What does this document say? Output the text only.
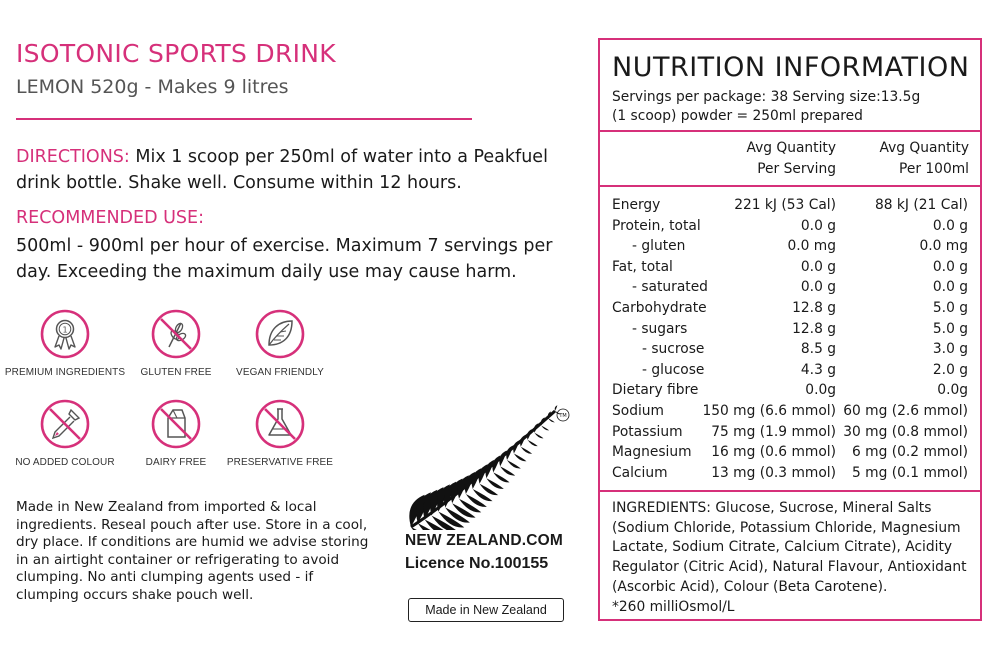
ISOTONIC SPORTS DRINK
LEMON 520g - Makes 9 litres
DIRECTIONS: Mix 1 scoop per 250ml of water into a Peakfuel drink bottle. Shake well. Consume within 12 hours.
RECOMMENDED USE:
500ml - 900ml per hour of exercise. Maximum 7 servings per day. Exceeding the maximum daily use may cause harm.
1
PREMIUM INGREDIENTS	GLUTEN FREE	VEGAN FRIENDLY
NO ADDED COLOUR	DAIRY FREE	PRESERVATIVE FREE
Made in New Zealand from imported & local ingredients. Reseal pouch after use. Store in a cool, dry place. If conditions are humid we advise storing in an airtight container or refrigerating to avoid clumping. No anti clumping agents used - if clumping occurs shake pouch well.
TM
NEW ZEALAND.COM
Licence No.100155
Made in New Zealand
NUTRITION INFORMATION
Servings per package: 38 Serving size:13.5g
(1 scoop) powder = 250ml prepared
Avg Quantity
Per Serving
Avg Quantity
Per 100ml
Energy	221 kJ (53 Cal)	88 kJ (21 Cal)
Protein, total	0.0 g	0.0 g
- gluten	0.0 mg	0.0 mg
Fat, total	0.0 g	0.0 g
- saturated	0.0 g	0.0 g
Carbohydrate	12.8 g	5.0 g
- sugars	12.8 g	5.0 g
- sucrose	8.5 g	3.0 g
- glucose	4.3 g	2.0 g
Dietary fibre	0.0g	0.0g
Sodium	150 mg (6.6 mmol) 60 mg (2.6 mmol)
Potassium 75 mg (1.9 mmol) 30 mg (0.8 mmol)
Magnesium 16 mg (0.6 mmol) 6 mg (0.2 mmol)
Calcium	13 mg (0.3 mmol) 5 mg (0.1 mmol)
INGREDIENTS: Glucose, Sucrose, Mineral Salts (Sodium Chloride, Potassium Chloride, Magnesium Lactate, Sodium Citrate, Calcium Citrate), Acidity Regulator (Citric Acid), Natural Flavour, Antioxidant (Ascorbic Acid), Colour (Beta Carotene).
*260 milliOsmol/L
